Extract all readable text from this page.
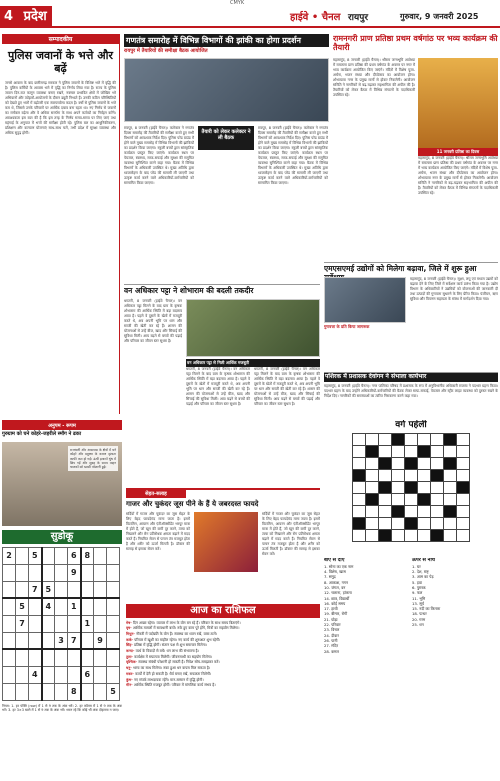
CMYK
4 प्रदेश	हाईवे • चैनल रायपुर	गुरुवार, 9 जनवरी 2025
सम्पादकीय
पुलिस जवानों के भत्ते और बढ़ें
जनसे आवास के बाद छत्तीसगढ़ सरकार ने पुलिस जवानों के विशिष्ट भत्ते में वृद्धि की है। पुलिस कर्मियों के आवास भत्ते में वृद्धि का निर्णय लिया गया है। राज्य के पुलिस जवान दिन-रात कानून व्यवस्था बनाए रखने, नक्सल प्रभावित क्षेत्रों में जोखिम भरे अभियानों और त्योहारों-आयोजनों के दौरान ड्यूटी निभाते हैं। उनकी कठिन परिस्थितियों को देखते हुए भत्तों में बढ़ोतरी एक स्वागतयोग्य कदम है। वर्षों से पुलिस जवानों के भत्ते कम थे, जिससे उनके परिवारों पर आर्थिक दबाव बना रहता था। नए निर्णय से जवानों का मनोबल बढ़ेगा और वे अधिक समर्पण के साथ अपने कर्तव्यों का निर्वहन करेंगे। आवश्यकता इस बात की है कि इस तरह के निर्णय समय-समय पर लिए जाएं तथा महंगाई के अनुपात में भत्तों की समीक्षा होती रहे। पुलिस बल का आधुनिकीकरण, प्रशिक्षण और कल्याण योजनाएं साथ-साथ चलें, तभी प्रदेश में सुरक्षा व्यवस्था और अधिक सुदृढ़ होगी।
गणतंत्र समारोह में विभिन्न विभागों की झांकी का होगा प्रदर्शन
रायपुर में तैयारियों की समीक्षा बैठक आयोजित
तैयारी को लेकर कलेक्टर ने ली बैठक
रायपुर, 8 जनवरी (हाईवे चैनल)। कलेक्टर ने गणतंत्र दिवस समारोह की तैयारियों की समीक्षा करते हुए सभी विभागों को आवश्यक निर्देश दिए। पुलिस परेड ग्राउंड में होने वाले मुख्य समारोह में विभिन्न विभागों की झांकियों का प्रदर्शन किया जाएगा। स्कूली बच्चों द्वारा सांस्कृतिक कार्यक्रम प्रस्तुत किए जाएंगे। कार्यक्रम स्थल पर पेयजल, स्वास्थ्य, साफ-सफाई और सुरक्षा की समुचित व्यवस्था सुनिश्चित करने कहा गया। बैठक में विभिन्न विभागों के अधिकारी उपस्थित थे। मुख्य अतिथि द्वारा ध्वजारोहण के बाद परेड की सलामी ली जाएगी तथा उत्कृष्ट कार्य करने वाले अधिकारियों-कर्मचारियों को सम्मानित किया जाएगा।
रायपुर, 8 जनवरी (हाईवे चैनल)। कलेक्टर ने गणतंत्र दिवस समारोह की तैयारियों की समीक्षा करते हुए सभी विभागों को आवश्यक निर्देश दिए। पुलिस परेड ग्राउंड में होने वाले मुख्य समारोह में विभिन्न विभागों की झांकियों का प्रदर्शन किया जाएगा। स्कूली बच्चों द्वारा सांस्कृतिक कार्यक्रम प्रस्तुत किए जाएंगे। कार्यक्रम स्थल पर पेयजल, स्वास्थ्य, साफ-सफाई और सुरक्षा की समुचित व्यवस्था सुनिश्चित करने कहा गया। बैठक में विभिन्न विभागों के अधिकारी उपस्थित थे। मुख्य अतिथि द्वारा ध्वजारोहण के बाद परेड की सलामी ली जाएगी तथा उत्कृष्ट कार्य करने वाले अधिकारियों-कर्मचारियों को सम्मानित किया जाएगा।
रामनगरी प्राण प्रतिष्ठा प्रथम वर्षगांठ पर भव्य कार्यक्रम की तैयारी
महासमुंद, 8 जनवरी (हाईवे चैनल)। श्रीराम जन्मभूमि अयोध्या में रामलला प्राण प्रतिष्ठा की प्रथम वर्षगांठ के अवसर पर नगर में भव्य कार्यक्रम आयोजित किए जाएंगे। मंदिरों में विशेष पूजा-अर्चना, भजन संध्या और दीपोत्सव का आयोजन होगा। शोभायात्रा नगर के प्रमुख मार्गों से होकर निकलेगी। आयोजन समिति ने नागरिकों से बढ़-चढ़कर सहभागिता की अपील की है। तैयारियों को लेकर बैठक में विभिन्न संगठनों के पदाधिकारी उपस्थित रहे।
11 जनवरी प्रतिष्ठा का दिवस
महासमुंद, 8 जनवरी (हाईवे चैनल)। श्रीराम जन्मभूमि अयोध्या में रामलला प्राण प्रतिष्ठा की प्रथम वर्षगांठ के अवसर पर नगर में भव्य कार्यक्रम आयोजित किए जाएंगे। मंदिरों में विशेष पूजा-अर्चना, भजन संध्या और दीपोत्सव का आयोजन होगा। शोभायात्रा नगर के प्रमुख मार्गों से होकर निकलेगी। आयोजन समिति ने नागरिकों से बढ़-चढ़कर सहभागिता की अपील की है। तैयारियों को लेकर बैठक में विभिन्न संगठनों के पदाधिकारी उपस्थित रहे।
वन अधिकार पट्टा ने शोभाराम की बदली तकदीर
धमतरी, 8 जनवरी (हाईवे चैनल)। वन अधिकार पट्टा मिलने के बाद ग्राम के कृषक शोभाराम की आर्थिक स्थिति में बड़ा बदलाव आया है। पहले वे दूसरों के खेतों में मजदूरी करते थे, अब अपनी भूमि पर धान और सब्जी की खेती कर रहे हैं। शासन की योजनाओं से उन्हें बीज, खाद और सिंचाई की सुविधा मिली। आय बढ़ने से बच्चों की पढ़ाई और परिवार का जीवन स्तर सुधरा है।
वन अधिकार पट्टा से मिली आर्थिक मजबूती
धमतरी, 8 जनवरी (हाईवे चैनल)। वन अधिकार पट्टा मिलने के बाद ग्राम के कृषक शोभाराम की आर्थिक स्थिति में बड़ा बदलाव आया है। पहले वे दूसरों के खेतों में मजदूरी करते थे, अब अपनी भूमि पर धान और सब्जी की खेती कर रहे हैं। शासन की योजनाओं से उन्हें बीज, खाद और सिंचाई की सुविधा मिली। आय बढ़ने से बच्चों की पढ़ाई और परिवार का जीवन स्तर सुधरा है।
धमतरी, 8 जनवरी (हाईवे चैनल)। वन अधिकार पट्टा मिलने के बाद ग्राम के कृषक शोभाराम की आर्थिक स्थिति में बड़ा बदलाव आया है। पहले वे दूसरों के खेतों में मजदूरी करते थे, अब अपनी भूमि पर धान और सब्जी की खेती कर रहे हैं। शासन की योजनाओं से उन्हें बीज, खाद और सिंचाई की सुविधा मिली। आय बढ़ने से बच्चों की पढ़ाई और परिवार का जीवन स्तर सुधरा है।
एमएसएमई उद्योगों को मिलेगा बढ़ावा, जिले में शुरू हुआ
गुणवत्ता के प्रति किया जागरूक
महासमुंद, 8 जनवरी (हाईवे चैनल)। सूक्ष्म, लघु एवं मध्यम उद्यमों को बढ़ावा देने के लिए जिले में सर्वेक्षण कार्य प्रारंभ किया गया है। उद्योग विभाग के अधिकारियों ने उद्यमियों को योजनाओं की जानकारी दी तथा उत्पादों की गुणवत्ता सुधारने के लिए प्रेरित किया। पंजीयन, ऋण सुविधा और विपणन सहायता के संबंध में मार्गदर्शन दिया गया।
पशिरक में प्रशासक देवांगन ने संभाला कार्यभार
महासमुंद, 8 जनवरी (हाईवे चैनल)। नगर पालिका परिषद में प्रशासक के रूप में अनुविभागीय अधिकारी राजस्व ने पदभार ग्रहण किया। पदभार ग्रहण के बाद उन्होंने अधिकारियों-कर्मचारियों की बैठक लेकर साफ-सफाई, पेयजल और स्ट्रीट लाइट व्यवस्था को दुरुस्त रखने के निर्देश दिए। नागरिकों की समस्याओं का त्वरित निराकरण करने कहा गया।
वर्ग पहेली

अनुपम - रूपम
गुरुग्राम को घने कोहरे-जहरीले स्मॉग ने ढका
राजधानी और आसपास के क्षेत्रों में घने कोहरे और प्रदूषण के कारण दृश्यता काफी कम हो गई। ऊंची इमारतें धुंध में छिप गईं और सुबह के समय वाहन चालकों को खासी परेशानी हुई।
सेहत-सलाह
गाजर और चुकंदर जूस पीने के हैं ये जबरदस्त फायदे
सर्दियों में गाजर और चुकंदर का जूस सेहत के लिए बेहद फायदेमंद माना जाता है। इसमें विटामिन, आयरन और एंटीऑक्सीडेंट भरपूर मात्रा में होते हैं, जो खून की कमी दूर करने, त्वचा को निखारने और रोग प्रतिरोधक क्षमता बढ़ाने में मदद करते हैं। नियमित सेवन से पाचन तंत्र मजबूत होता है और शरीर को ऊर्जा मिलती है। डॉक्टर की सलाह से इसका सेवन करें।
सर्दियों में गाजर और चुकंदर का जूस सेहत के लिए बेहद फायदेमंद माना जाता है। इसमें विटामिन, आयरन और एंटीऑक्सीडेंट भरपूर मात्रा में होते हैं, जो खून की कमी दूर करने, त्वचा को निखारने और रोग प्रतिरोधक क्षमता बढ़ाने में मदद करते हैं। नियमित सेवन से पाचन तंत्र मजबूत होता है और शरीर को ऊर्जा मिलती है। डॉक्टर की सलाह से इसका सेवन करें।
सुडोकू
2		5			6	8		
					9			
		7	5					
	5		4		1			
	7					1		
				3	7		9	

		4				6		
					8			5
नियम: 1. हर पंक्ति (row) में 1 से 9 तक के अंक भरें। 2. हर कॉलम में 1 से 9 तक के अंक भरें। 3. हर 3×3 खाने में 1 से 9 तक के अंक भरें। ध्यान रहे कि कोई भी अंक दोहराया न जाए।
आज का राशिफल
मेष- दिन अच्छा रहेगा। व्यापार में लाभ के योग बन रहे हैं। परिवार के साथ समय बिताएंगे।
वृष- आर्थिक मामलों में सावधानी बरतें। रुके हुए काम पूरे होंगे, मित्रों का सहयोग मिलेगा।
मिथुन- नौकरी में पदोन्नति के योग हैं। स्वास्थ्य का ध्यान रखें, यात्रा टालें।
कर्क- परिवार में खुशी का माहौल रहेगा। नए कार्य की शुरुआत शुभ रहेगी।
सिंह- प्रतिष्ठा में वृद्धि होगी। संतान पक्ष से शुभ समाचार मिलेगा।
कन्या- व्यर्थ के विवादों से बचें। धन लाभ की संभावना है।
तुला- कार्यक्षेत्र में सफलता मिलेगी। जीवनसाथी का सहयोग मिलेगा।
वृश्चिक- स्वास्थ्य संबंधी परेशानी हो सकती है। निवेश सोच-समझकर करें।
धनु- भाग्य का साथ मिलेगा। रुका हुआ धन वापस मिल सकता है।
मकर- कार्यों में देरी हो सकती है। धैर्य बनाए रखें, सफलता मिलेगी।
कुंभ- नए संपर्क लाभदायक रहेंगे। मान-सम्मान में वृद्धि होगी।
मीन- आर्थिक स्थिति मजबूत होगी। परिवार में मांगलिक कार्य संभव है।
बाएं से दाएं
1. सोना का एक नाम
4. विशेष, खास
7. समुद्र
8. आकाश, गगन
10. जंगल, वन
12. चलाना, हांकना
14. छात्र, विद्यार्थी
16. कोई समय
17. हाथी
19. बीमार, रोगी
21. घोड़ा
22. परिवार
23. विचार
24. दीवार
26. पानी
27. मंदिर
28. कमल
ऊपर से नीचे
1. घर
2. देश, राष्ट्र
3. आम का पेड़
5. हवा
6. पुस्तक
9. फल
11. भूमि
13. सूर्य
15. नदी का किनारा
18. पत्थर
20. गरम
25. धन
